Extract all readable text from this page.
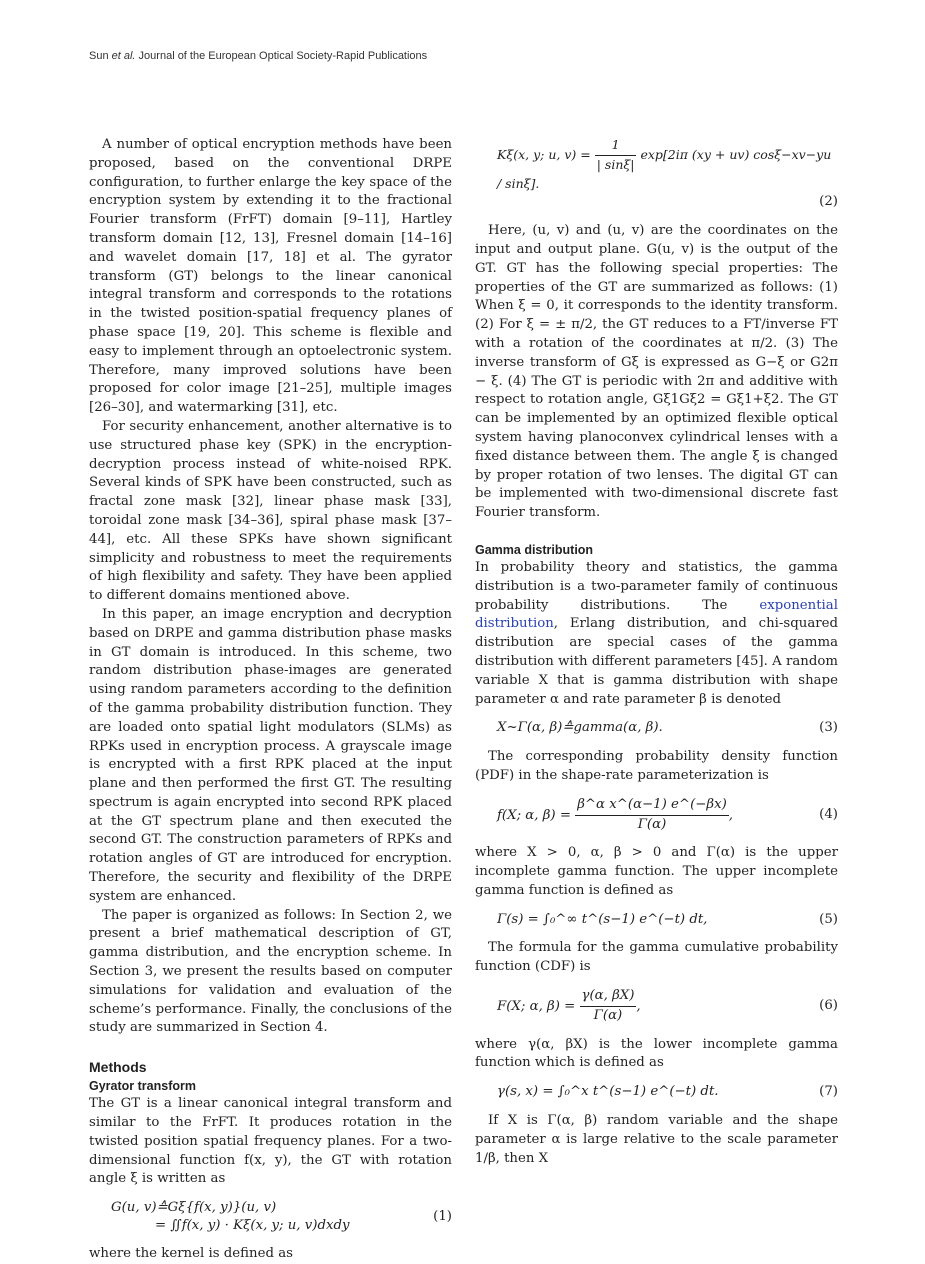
Sun et al. Journal of the European Optical Society-Rapid Publications

A number of optical encryption methods have been proposed, based on the conventional DRPE configuration, to further enlarge the key space of the encryption system by extending it to the fractional Fourier transform (FrFT) domain [9–11], Hartley transform domain [12, 13], Fresnel domain [14–16] and wavelet domain [17, 18] et al. The gyrator transform (GT) belongs to the linear canonical integral transform and corresponds to the rotations in the twisted position-spatial frequency planes of phase space [19, 20]. This scheme is flexible and easy to implement through an optoelectronic system. Therefore, many improved solutions have been proposed for color image [21–25], multiple images [26–30], and watermarking [31], etc.

For security enhancement, another alternative is to use structured phase key (SPK) in the encryption-decryption process instead of white-noised RPK. Several kinds of SPK have been constructed, such as fractal zone mask [32], linear phase mask [33], toroidal zone mask [34–36], spiral phase mask [37–44], etc. All these SPKs have shown significant simplicity and robustness to meet the requirements of high flexibility and safety. They have been applied to different domains mentioned above.

In this paper, an image encryption and decryption based on DRPE and gamma distribution phase masks in GT domain is introduced. In this scheme, two random distribution phase-images are generated using random parameters according to the definition of the gamma probability distribution function. They are loaded onto spatial light modulators (SLMs) as RPKs used in encryption process. A grayscale image is encrypted with a first RPK placed at the input plane and then performed the first GT. The resulting spectrum is again encrypted into second RPK placed at the GT spectrum plane and then executed the second GT. The construction parameters of RPKs and rotation angles of GT are introduced for encryption. Therefore, the security and flexibility of the DRPE system are enhanced.

The paper is organized as follows: In Section 2, we present a brief mathematical description of GT, gamma distribution, and the encryption scheme. In Section 3, we present the results based on computer simulations for validation and evaluation of the scheme’s performance. Finally, the conclusions of the study are summarized in Section 4.

Methods
Gyrator transform

The GT is a linear canonical integral transform and similar to the FrFT. It produces rotation in the twisted position spatial frequency planes. For a two-dimensional function f(x, y), the GT with rotation angle ξ is written as

G(u, v)≙Gξ{f(x, y)}(u, v)
= ∬f(x, y) · Kξ(x, y; u, v)dxdy
(1)

where the kernel is defined as

Kξ(x, y; u, $v) = \frac{1}{| \sin\xi|} \exp[2i\pi$ (xy + uv) cosξ−xv−yu / sinξ].
(2)

Here, (u, v) and (u, v) are the coordinates on the input and output plane. G(u, v) is the output of the GT. GT has the following special properties: The properties of the GT are summarized as follows: (1) When ξ = 0, it corresponds to the identity transform. (2) For ξ = ± π/2, the GT reduces to a FT/inverse FT with a rotation of the coordinates at π/2. (3) The inverse transform of Gξ is expressed as G−ξ or G2π − ξ. (4) The GT is periodic with 2π and additive with respect to rotation angle, Gξ1Gξ2 = Gξ1+ξ2. The GT can be implemented by an optimized flexible optical system having planoconvex cylindrical lenses with a fixed distance between them. The angle ξ is changed by proper rotation of two lenses. The digital GT can be implemented with two-dimensional discrete fast Fourier transform.

Gamma distribution

In probability theory and statistics, the gamma distribution is a two-parameter family of continuous probability distributions. The exponential distribution, Erlang distribution, and chi-squared distribution are special cases of the gamma distribution with different parameters [45]. A random variable X that is gamma distribution with shape parameter α and rate parameter β is denoted

X~Γ(α, β)≙gamma(α, β).	(3)

The corresponding probability density function (PDF) in the shape-rate parameterization is

f(X; α, $\beta) = \frac{\text{β\textasciicircum{}α x\textasciicircum{}(α−1) e\textasciicircum{}(−βx)}}{\Gamma(\alpha)}$ ,	(4)

where X > 0, α, β > 0 and Γ(α) is the upper incomplete gamma function. The upper incomplete gamma function is defined as

Γ(s) = ∫₀^∞ t^(s−1) e^(−t) dt,	(5)

The formula for the gamma cumulative probability function (CDF) is

F(X; α, $\beta) = \frac{\gamma(\alpha, \beta X)}{\Gamma(\alpha)}$ ,	(6)

where γ(α, βX) is the lower incomplete gamma function which is defined as

γ(s, x) = ∫₀^x t^(s−1) e^(−t) dt.	(7)

If X is Γ(α, β) random variable and the shape parameter α is large relative to the scale parameter 1/β, then X
